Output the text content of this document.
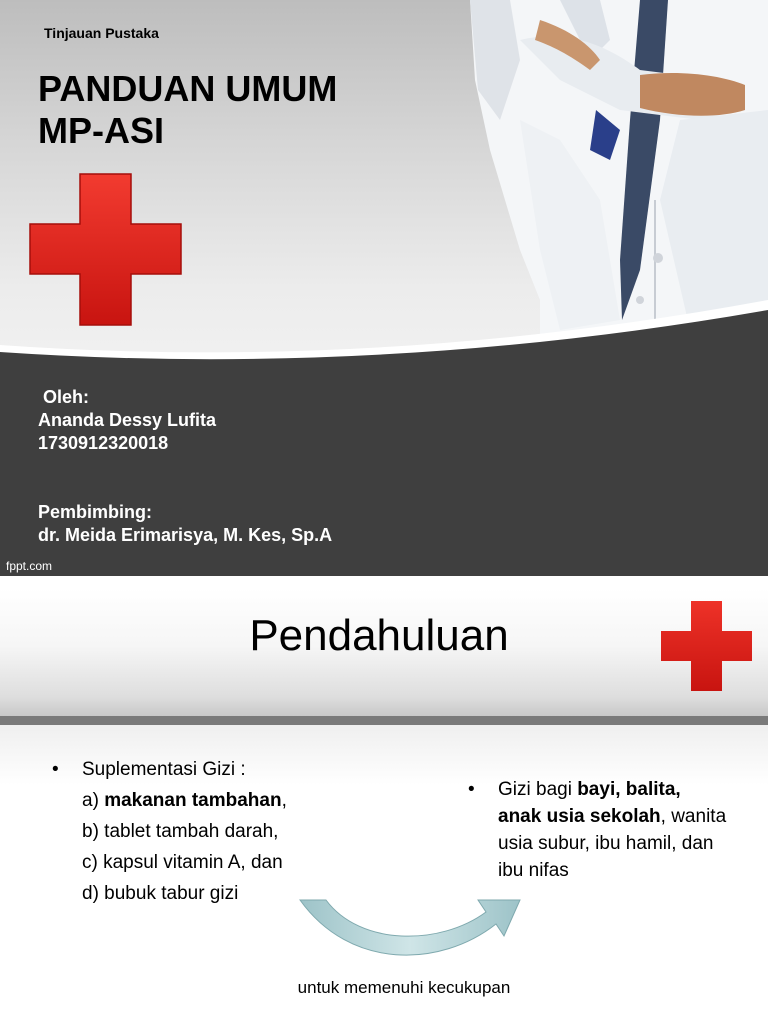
Tinjauan Pustaka
PANDUAN UMUM
MP-ASI
Oleh:
Ananda Dessy Lufita
1730912320018
Pembimbing:
dr. Meida Erimarisya, M. Kes, Sp.A
fppt.com
Pendahuluan
• Suplementasi Gizi :
a) makanan tambahan,
b) tablet tambah darah,
c) kapsul vitamin A, dan
d) bubuk tabur gizi
• Gizi bagi bayi, balita, anak usia sekolah, wanita usia subur, ibu hamil, dan ibu nifas
untuk memenuhi kecukupan
